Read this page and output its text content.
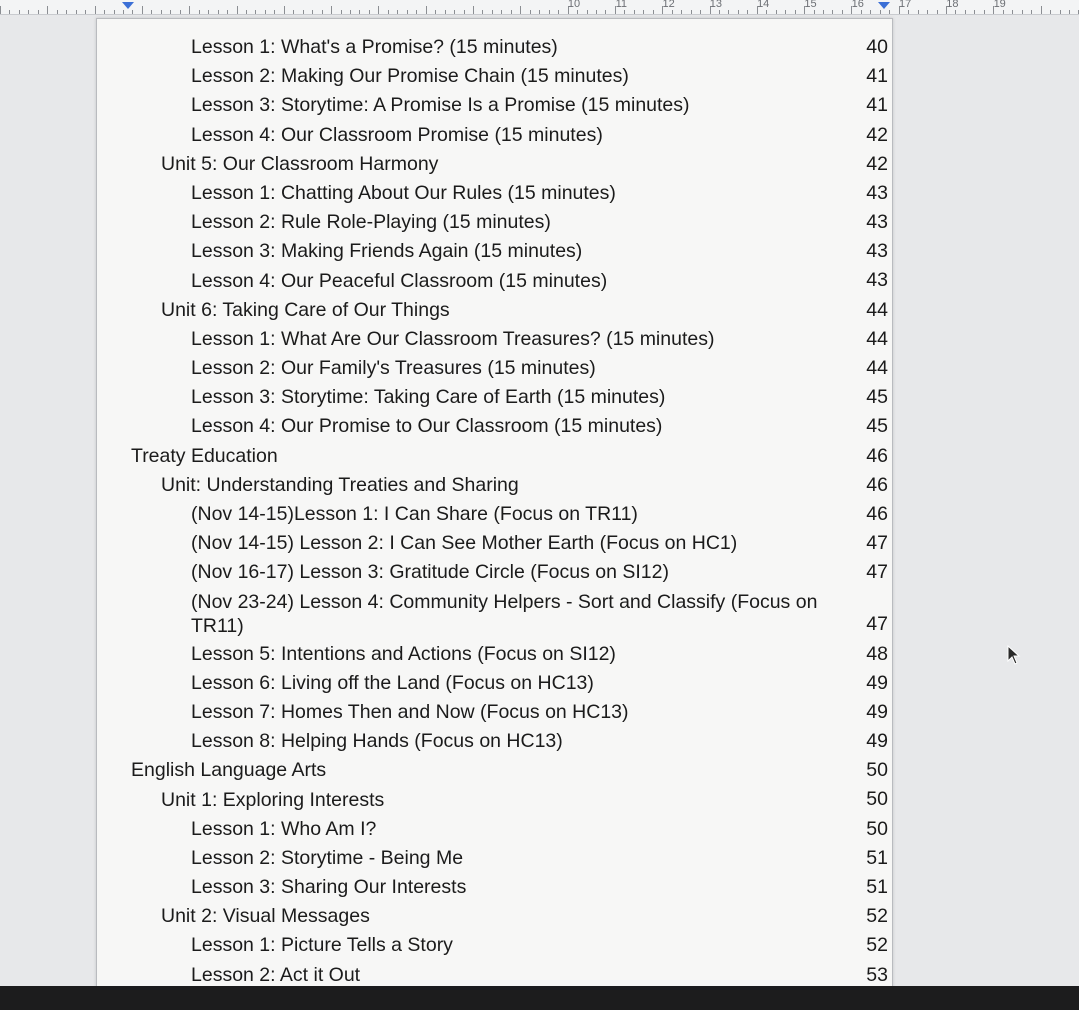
10	11	12	13	14	15	16	17	18	19
Lesson 1: What's a Promise? (15 minutes)	40
Lesson 2: Making Our Promise Chain (15 minutes)	41
Lesson 3: Storytime: A Promise Is a Promise (15 minutes)	41
Lesson 4: Our Classroom Promise (15 minutes)	42
Unit 5: Our Classroom Harmony	42
Lesson 1: Chatting About Our Rules (15 minutes)	43
Lesson 2: Rule Role-Playing (15 minutes)	43
Lesson 3: Making Friends Again (15 minutes)	43
Lesson 4: Our Peaceful Classroom (15 minutes)	43
Unit 6: Taking Care of Our Things	44
Lesson 1: What Are Our Classroom Treasures? (15 minutes)	44
Lesson 2: Our Family's Treasures (15 minutes)	44
Lesson 3: Storytime: Taking Care of Earth (15 minutes)	45
Lesson 4: Our Promise to Our Classroom (15 minutes)	45
Treaty Education	46
Unit: Understanding Treaties and Sharing	46
(Nov 14-15)Lesson 1: I Can Share (Focus on TR11)	46
(Nov 14-15) Lesson 2: I Can See Mother Earth (Focus on HC1)	47
(Nov 16-17) Lesson 3: Gratitude Circle (Focus on SI12)	47
(Nov 23-24) Lesson 4: Community Helpers - Sort and Classify (Focus on TR11)	47
Lesson 5: Intentions and Actions (Focus on SI12)	48
Lesson 6: Living off the Land (Focus on HC13)	49
Lesson 7: Homes Then and Now (Focus on HC13)	49
Lesson 8: Helping Hands (Focus on HC13)	49
English Language Arts	50
Unit 1: Exploring Interests	50
Lesson 1: Who Am I?	50
Lesson 2: Storytime - Being Me	51
Lesson 3: Sharing Our Interests	51
Unit 2: Visual Messages	52
Lesson 1: Picture Tells a Story	52
Lesson 2: Act it Out	53
